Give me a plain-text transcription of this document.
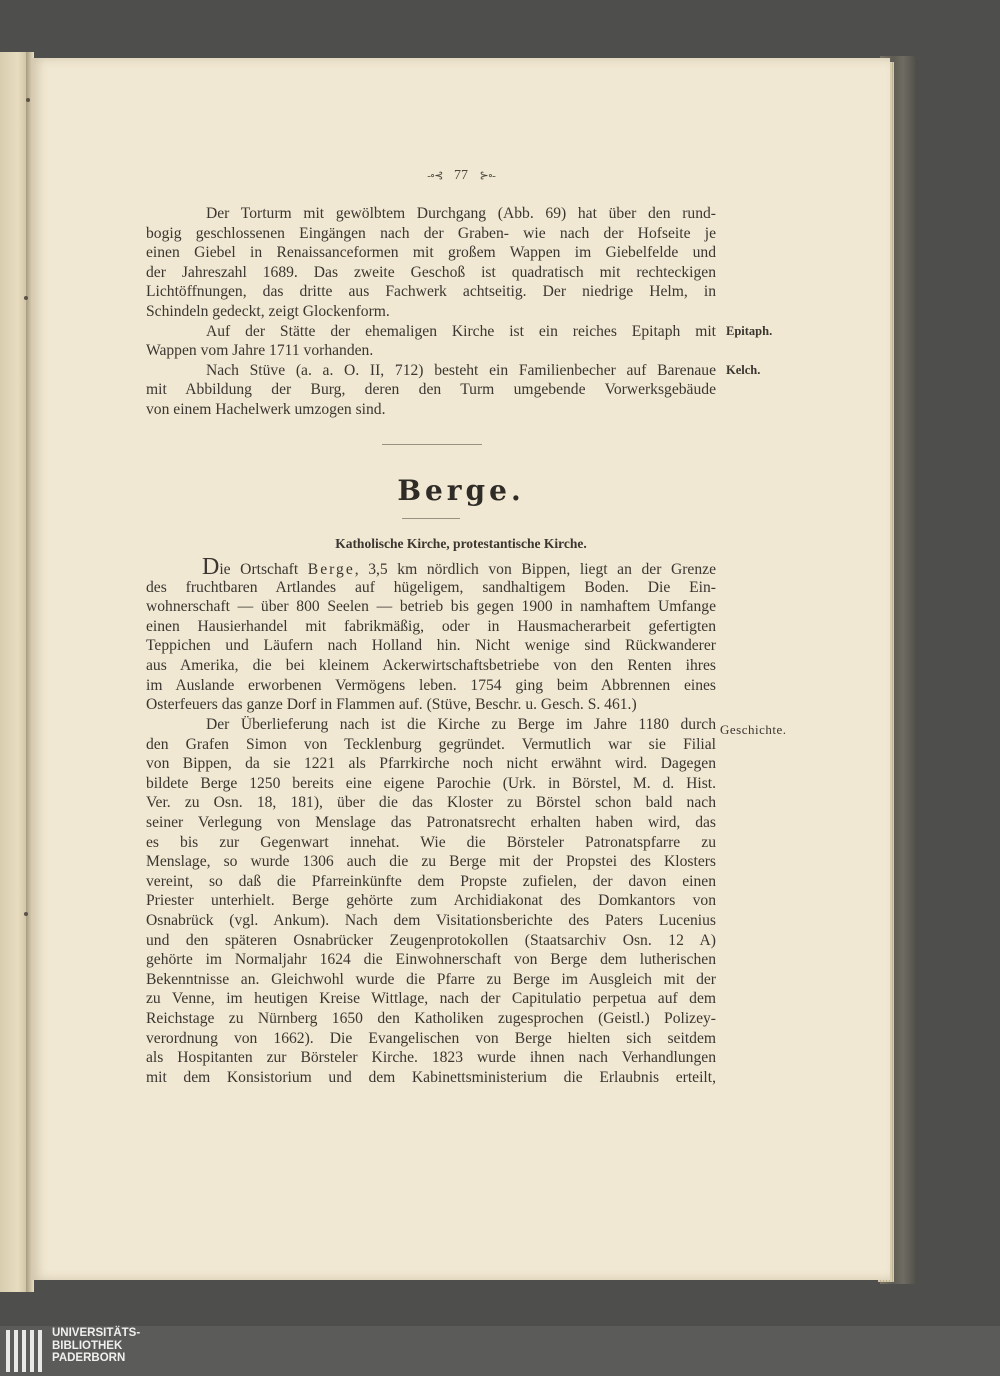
-∘⊰ 77 ⊱∘-
Der Torturm mit gewölbtem Durchgang (Abb. 69) hat über den rund-
bogig geschlossenen Eingängen nach der Graben- wie nach der Hofseite je
einen Giebel in Renaissanceformen mit großem Wappen im Giebelfelde und
der Jahreszahl 1689. Das zweite Geschoß ist quadratisch mit rechteckigen
Lichtöffnungen, das dritte aus Fachwerk achtseitig. Der niedrige Helm, in
Schindeln gedeckt, zeigt Glockenform.
Auf der Stätte der ehemaligen Kirche ist ein reiches Epitaph mit
Wappen vom Jahre 1711 vorhanden.
Nach Stüve (a. a. O. II, 712) besteht ein Familienbecher auf Barenaue
mit Abbildung der Burg, deren den Turm umgebende Vorwerksgebäude
von einem Hachelwerk umzogen sind.
Epitaph.
Kelch.
Berge.
Katholische Kirche, protestantische Kirche.
Die Ortschaft Berge, 3,5 km nördlich von Bippen, liegt an der Grenze
des fruchtbaren Artlandes auf hügeligem, sandhaltigem Boden. Die Ein-
wohnerschaft — über 800 Seelen — betrieb bis gegen 1900 in namhaftem Umfange
einen Hausierhandel mit fabrikmäßig, oder in Hausmacherarbeit gefertigten
Teppichen und Läufern nach Holland hin. Nicht wenige sind Rückwanderer
aus Amerika, die bei kleinem Ackerwirtschaftsbetriebe von den Renten ihres
im Auslande erworbenen Vermögens leben. 1754 ging beim Abbrennen eines
Osterfeuers das ganze Dorf in Flammen auf. (Stüve, Beschr. u. Gesch. S. 461.)
Geschichte.
Der Überlieferung nach ist die Kirche zu Berge im Jahre 1180 durch
den Grafen Simon von Tecklenburg gegründet. Vermutlich war sie Filial
von Bippen, da sie 1221 als Pfarrkirche noch nicht erwähnt wird. Dagegen
bildete Berge 1250 bereits eine eigene Parochie (Urk. in Börstel, M. d. Hist.
Ver. zu Osn. 18, 181), über die das Kloster zu Börstel schon bald nach
seiner Verlegung von Menslage das Patronatsrecht erhalten haben wird, das
es bis zur Gegenwart innehat. Wie die Börsteler Patronatspfarre zu
Menslage, so wurde 1306 auch die zu Berge mit der Propstei des Klosters
vereint, so daß die Pfarreinkünfte dem Propste zufielen, der davon einen
Priester unterhielt. Berge gehörte zum Archidiakonat des Domkantors von
Osnabrück (vgl. Ankum). Nach dem Visitationsberichte des Paters Lucenius
und den späteren Osnabrücker Zeugenprotokollen (Staatsarchiv Osn. 12 A)
gehörte im Normaljahr 1624 die Einwohnerschaft von Berge dem lutherischen
Bekenntnisse an. Gleichwohl wurde die Pfarre zu Berge im Ausgleich mit der
zu Venne, im heutigen Kreise Wittlage, nach der Capitulatio perpetua auf dem
Reichstage zu Nürnberg 1650 den Katholiken zugesprochen (Geistl.) Polizey-
verordnung von 1662). Die Evangelischen von Berge hielten sich seitdem
als Hospitanten zur Börsteler Kirche. 1823 wurde ihnen nach Verhandlungen
mit dem Konsistorium und dem Kabinettsministerium die Erlaubnis erteilt,
UNIVERSITÄTS-
BIBLIOTHEK
PADERBORN
